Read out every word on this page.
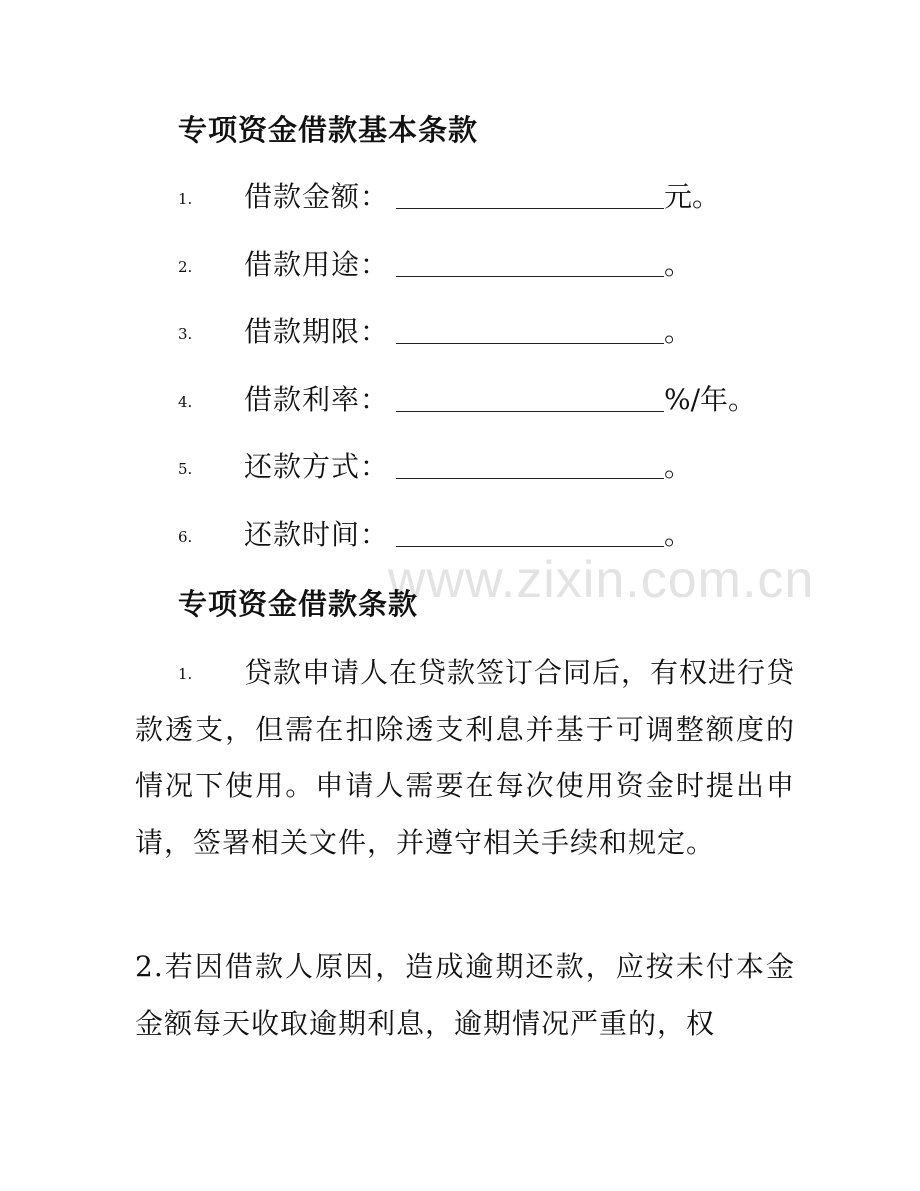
www.zixin.com.cn
专项资金借款基本条款
1. 借款金额：	元。
2. 借款用途：	。
3. 借款期限：	。
4. 借款利率：	%/年。
5. 还款方式：	。
6. 还款时间：	。
专项资金借款条款
1.	贷款申请人在贷款签订合同后，有权进行贷款透支，但需在扣除透支利息并基于可调整额度的情况下使用。申请人需要在每次使用资金时提出申请，签署相关文件，并遵守相关手续和规定。

2.若因借款人原因，造成逾期还款，应按未付本金金额每天收取逾期利息，逾期情况严重的，权
